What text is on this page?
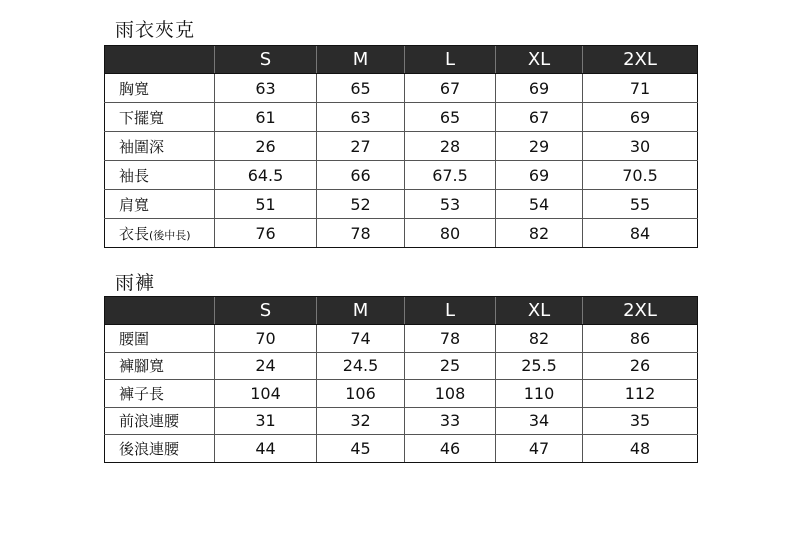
雨衣夾克
	S	M	L	XL	2XL
胸寬	63	65	67	69	71
下擺寬	61	63	65	67	69
袖圍深	26	27	28	29	30
袖長	64.5	66	67.5	69	70.5
肩寬	51	52	53	54	55
衣長(後中長)	76	78	80	82	84
雨褲
	S	M	L	XL	2XL
腰圍	70	74	78	82	86
褲腳寬	24	24.5	25	25.5	26
褲子長	104	106	108	110	112
前浪連腰	31	32	33	34	35
後浪連腰	44	45	46	47	48
